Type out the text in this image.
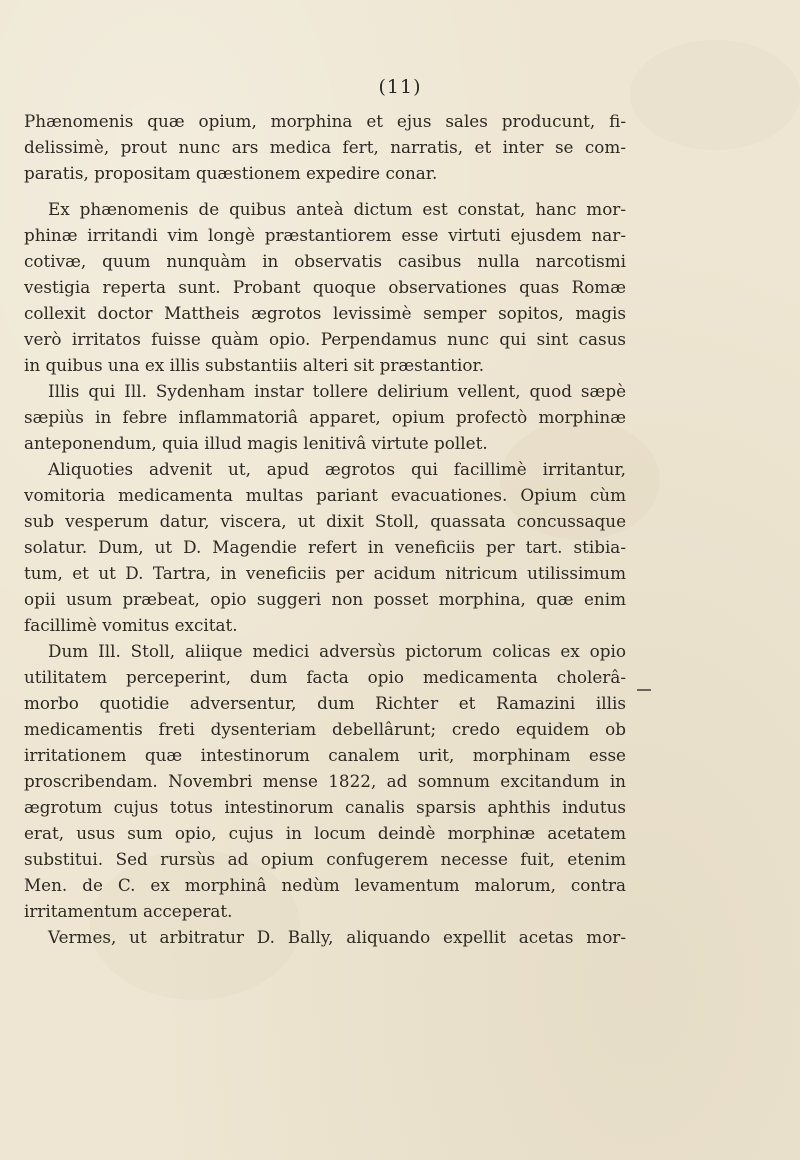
(11)
Phænomenis quæ opium, morphina et ejus sales producunt, fi-
delissimè, prout nunc ars medica fert, narratis, et inter se com-
paratis, propositam quæstionem expedire conar.
Ex phænomenis de quibus anteà dictum est constat, hanc mor-
phinæ irritandi vim longè præstantiorem esse virtuti ejusdem nar-
cotivæ, quum nunquàm in observatis casibus nulla narcotismi
vestigia reperta sunt. Probant quoque observationes quas Romæ
collexit doctor Mattheis ægrotos levissimè semper sopitos, magis
verò irritatos fuisse quàm opio. Perpendamus nunc qui sint casus
in quibus una ex illis substantiis alteri sit præstantior.
Illis qui Ill. Sydenham instar tollere delirium vellent, quod sæpè
sæpiùs in febre inflammatoriâ apparet, opium profectò morphinæ
anteponendum, quia illud magis lenitivâ virtute pollet.
Aliquoties advenit ut, apud ægrotos qui facillimè irritantur,
vomitoria medicamenta multas pariant evacuationes. Opium cùm
sub vesperum datur, viscera, ut dixit Stoll, quassata concussaque
solatur. Dum, ut D. Magendie refert in veneficiis per tart. stibia-
tum, et ut D. Tartra, in veneficiis per acidum nitricum utilissimum
opii usum præbeat, opio suggeri non posset morphina, quæ enim
facillimè vomitus excitat.
Dum Ill. Stoll, aliique medici adversùs pictorum colicas ex opio
utilitatem perceperint, dum facta opio medicamenta cholerâ-
morbo quotidie adversentur, dum Richter et Ramazini illis
medicamentis freti dysenteriam debellârunt; credo equidem ob
irritationem quæ intestinorum canalem urit, morphinam esse
proscribendam. Novembri mense 1822, ad somnum excitandum in
ægrotum cujus totus intestinorum canalis sparsis aphthis indutus
erat, usus sum opio, cujus in locum deindè morphinæ acetatem
substitui. Sed rursùs ad opium confugerem necesse fuit, etenim
Men. de C. ex morphinâ nedùm levamentum malorum, contra
irritamentum acceperat.
Vermes, ut arbitratur D. Bally, aliquando expellit acetas mor-
